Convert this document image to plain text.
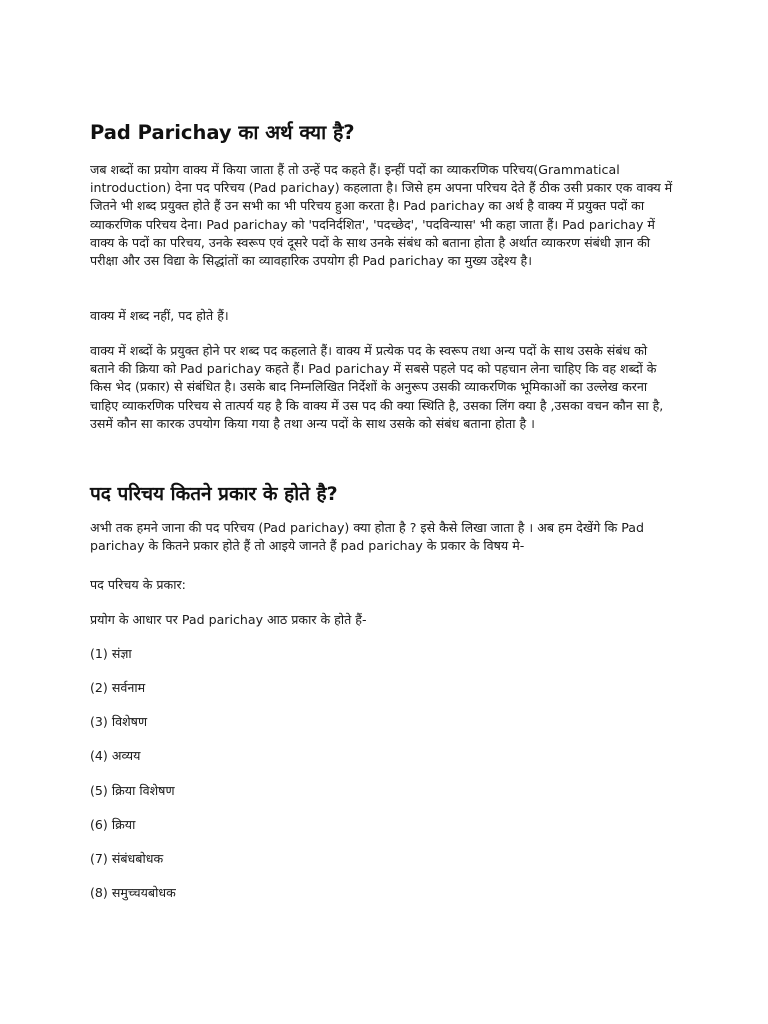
Pad Parichay का अर्थ क्या है?

जब शब्दों का प्रयोग वाक्य में किया जाता हैं तो उन्हें पद कहते हैं। इन्हीं पदों का व्याकरणिक परिचय(Grammatical introduction) देना पद परिचय (Pad parichay) कहलाता है। जिसे हम अपना परिचय देते हैं ठीक उसी प्रकार एक वाक्य में जितने भी शब्द प्रयुक्त होते हैं उन सभी का भी परिचय हुआ करता है। Pad parichay का अर्थ है वाक्य में प्रयुक्त पदों का व्याकरणिक परिचय देना। Pad parichay को 'पदनिर्दशित', 'पदच्छेद', 'पदविन्यास' भी कहा जाता हैं। Pad parichay में वाक्य के पदों का परिचय, उनके स्वरूप एवं दूसरे पदों के साथ उनके संबंध को बताना होता है अर्थात व्याकरण संबंधी ज्ञान की परीक्षा और उस विद्या के सिद्धांतों का व्यावहारिक उपयोग ही Pad parichay का मुख्य उद्देश्य है।

वाक्य में शब्द नहीं, पद होते हैं।

वाक्य में शब्दों के प्रयुक्त होने पर शब्द पद कहलाते हैं। वाक्य में प्रत्येक पद के स्वरूप तथा अन्य पदों के साथ उसके संबंध को बताने की क्रिया को Pad parichay कहते हैं। Pad parichay में सबसे पहले पद को पहचान लेना चाहिए कि वह शब्दों के किस भेद (प्रकार) से संबंधित है। उसके बाद निम्नलिखित निर्देशों के अनुरूप उसकी व्याकरणिक भूमिकाओं का उल्लेख करना चाहिए व्याकरणिक परिचय से तात्पर्य यह है कि वाक्य में उस पद की क्या स्थिति है, उसका लिंग क्या है ,उसका वचन कौन सा है, उसमें कौन सा कारक उपयोग किया गया है तथा अन्य पदों के साथ उसके को संबंध बताना होता है ।

पद परिचय कितने प्रकार के होते है?

अभी तक हमने जाना की पद परिचय (Pad parichay) क्या होता है ? इसे कैसे लिखा जाता है । अब हम देखेंगे कि Pad parichay के कितने प्रकार होते हैं तो आइये जानते हैं pad parichay के प्रकार के विषय मे-

पद परिचय के प्रकार:

प्रयोग के आधार पर Pad parichay आठ प्रकार के होते हैं-

(1) संज्ञा
(2) सर्वनाम
(3) विशेषण
(4) अव्यय
(5) क्रिया विशेषण
(6) क्रिया
(7) संबंधबोधक
(8) समुच्चयबोधक
